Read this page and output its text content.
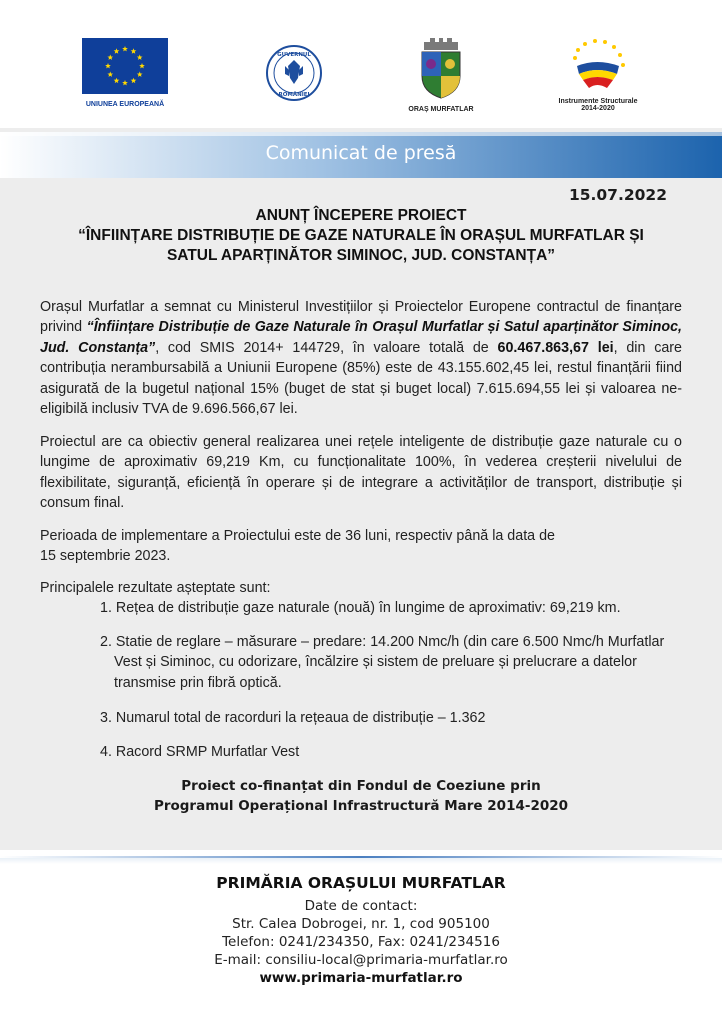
UNIUNEA EUROPEANĂ
GUVERNUL
ROMÂNIEI
ORAȘ MURFATLAR
Instrumente Structurale
2014-2020
Comunicat de presă
15.07.2022
ANUNȚ ÎNCEPERE PROIECT
“ÎNFIINȚARE DISTRIBUȚIE DE GAZE NATURALE ÎN ORAȘUL MURFATLAR ȘI
SATUL APARȚINĂTOR SIMINOC, JUD. CONSTANȚA”
Orașul Murfatlar a semnat cu Ministerul Investițiilor și Proiectelor Europene contractul de finanțare privind “Înființare Distribuție de Gaze Naturale în Orașul Murfatlar și Satul aparținător Siminoc, Jud. Constanța”, cod SMIS 2014+ 144729, în valoare totală de 60.467.863,67 lei, din care contribuția nerambursabilă a Uniunii Europene (85%) este de 43.155.602,45 lei, restul finanțării fiind asigurată de la bugetul național 15% (buget de stat și buget local) 7.615.694,55 lei și valoarea ne-eligibilă inclusiv TVA de 9.696.566,67 lei.
Proiectul are ca obiectiv general realizarea unei rețele inteligente de distribuție gaze naturale cu o lungime de aproximativ 69,219 Km, cu funcționalitate 100%, în vederea creșterii nivelului de flexibilitate, siguranță, eficiență în operare și de integrare a activităților de transport, distribuție și consum final.
Perioada de implementare a Proiectului este de 36 luni, respectiv până la data de
15 septembrie 2023.
Principalele rezultate așteptate sunt:
1. Rețea de distribuție gaze naturale (nouă) în lungime de aproximativ: 69,219 km.
2. Statie de reglare – măsurare – predare: 14.200 Nmc/h (din care 6.500 Nmc/h Murfatlar Vest și Siminoc, cu odorizare, încălzire și sistem de preluare și prelucrare a datelor transmise prin fibră optică.
3. Numarul total de racorduri la rețeaua de distribuție – 1.362
4. Racord SRMP Murfatlar Vest
Proiect co-finanțat din Fondul de Coeziune prin
Programul Operațional Infrastructură Mare 2014-2020
PRIMĂRIA ORAȘULUI MURFATLAR
Date de contact:
Str. Calea Dobrogei, nr. 1, cod 905100
Telefon: 0241/234350, Fax: 0241/234516
E-mail: consiliu-local@primaria-murfatlar.ro
www.primaria-murfatlar.ro
